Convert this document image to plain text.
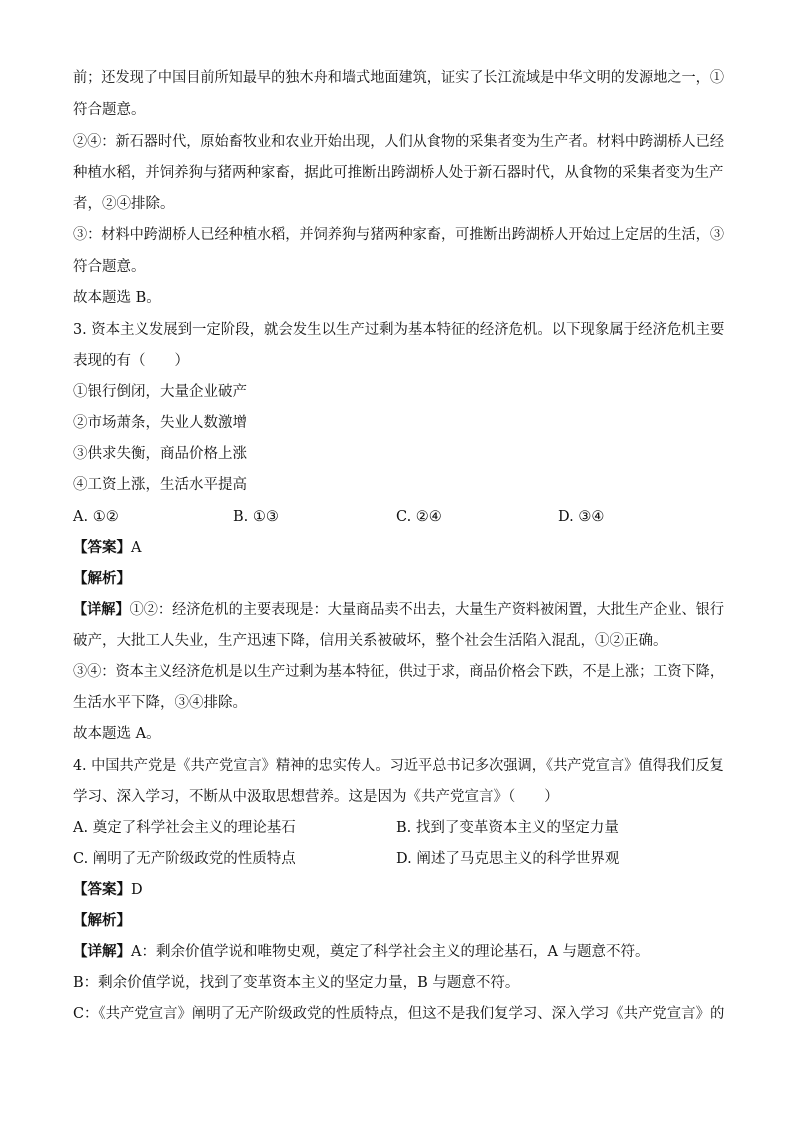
前；还发现了中国目前所知最早的独木舟和墙式地面建筑，证实了长江流域是中华文明的发源地之一，①
符合题意。
②④：新石器时代，原始畜牧业和农业开始出现，人们从食物的采集者变为生产者。材料中跨湖桥人已经
种植水稻，并饲养狗与猪两种家畜，据此可推断出跨湖桥人处于新石器时代，从食物的采集者变为生产
者，②④排除。
③：材料中跨湖桥人已经种植水稻，并饲养狗与猪两种家畜，可推断出跨湖桥人开始过上定居的生活，③
符合题意。
故本题选 B。
3. 资本主义发展到一定阶段，就会发生以生产过剩为基本特征的经济危机。以下现象属于经济危机主要
表现的有（　　）
①银行倒闭，大量企业破产
②市场萧条，失业人数激增
③供求失衡，商品价格上涨
④工资上涨，生活水平提高
A. ①②	B. ①③	C. ②④	D. ③④
【答案】A
【解析】
【详解】①②：经济危机的主要表现是：大量商品卖不出去，大量生产资料被闲置，大批生产企业、银行
破产，大批工人失业，生产迅速下降，信用关系被破坏，整个社会生活陷入混乱，①②正确。
③④：资本主义经济危机是以生产过剩为基本特征，供过于求，商品价格会下跌，不是上涨；工资下降，
生活水平下降，③④排除。
故本题选 A。
4. 中国共产党是《共产党宣言》精神的忠实传人。习近平总书记多次强调，《共产党宣言》值得我们反复
学习、深入学习，不断从中汲取思想营养。这是因为《共产党宣言》（　　）
A. 奠定了科学社会主义的理论基石	B. 找到了变革资本主义的坚定力量
C. 阐明了无产阶级政党的性质特点	D. 阐述了马克思主义的科学世界观
【答案】D
【解析】
【详解】A：剩余价值学说和唯物史观，奠定了科学社会主义的理论基石，A 与题意不符。
B：剩余价值学说，找到了变革资本主义的坚定力量，B 与题意不符。
C：《共产党宣言》阐明了无产阶级政党的性质特点，但这不是我们复学习、深入学习《共产党宣言》的
